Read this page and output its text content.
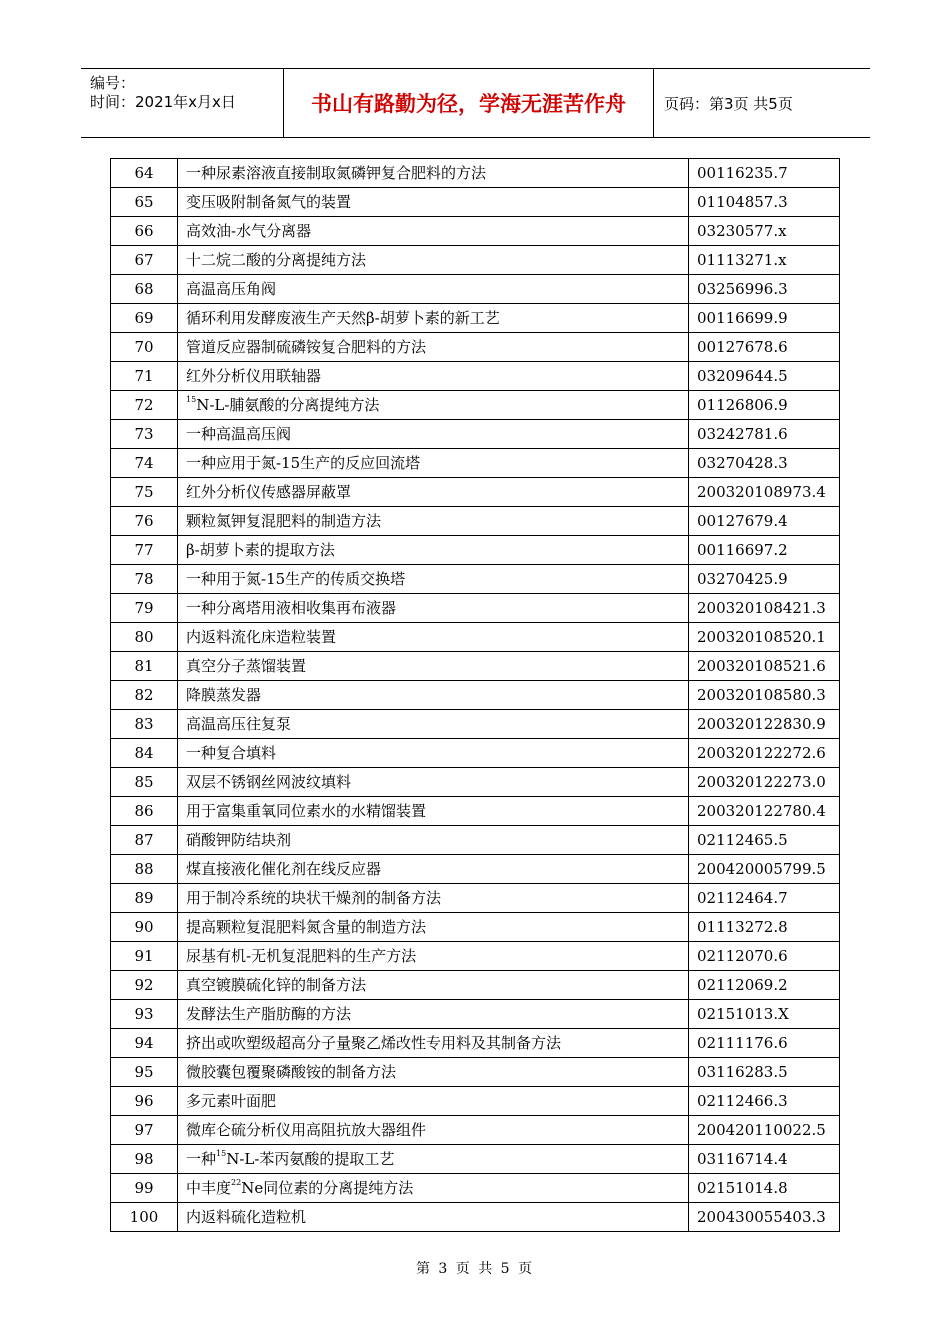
编号：
时间：2021年x月x日	书山有路勤为径，学海无涯苦作舟	页码：第3页 共5页
64	一种尿素溶液直接制取氮磷钾复合肥料的方法	00116235.7
65	变压吸附制备氮气的装置	01104857.3
66	高效油-水气分离器	03230577.x
67	十二烷二酸的分离提纯方法	01113271.x
68	高温高压角阀	03256996.3
69	循环利用发酵废液生产天然β-胡萝卜素的新工艺	00116699.9
70	管道反应器制硫磷铵复合肥料的方法	00127678.6
71	红外分析仪用联轴器	03209644.5
72	$^{15}$N-L-脯氨酸的分离提纯方法	01126806.9
73	一种高温高压阀	03242781.6
74	一种应用于氮-15生产的反应回流塔	03270428.3
75	红外分析仪传感器屏蔽罩	200320108973.4
76	颗粒氮钾复混肥料的制造方法	00127679.4
77	β-胡萝卜素的提取方法	00116697.2
78	一种用于氮-15生产的传质交换塔	03270425.9
79	一种分离塔用液相收集再布液器	200320108421.3
80	内返料流化床造粒装置	200320108520.1
81	真空分子蒸馏装置	200320108521.6
82	降膜蒸发器	200320108580.3
83	高温高压往复泵	200320122830.9
84	一种复合填料	200320122272.6
85	双层不锈钢丝网波纹填料	200320122273.0
86	用于富集重氧同位素水的水精馏装置	200320122780.4
87	硝酸钾防结块剂	02112465.5
88	煤直接液化催化剂在线反应器	200420005799.5
89	用于制冷系统的块状干燥剂的制备方法	02112464.7
90	提高颗粒复混肥料氮含量的制造方法	01113272.8
91	尿基有机-无机复混肥料的生产方法	02112070.6
92	真空镀膜硫化锌的制备方法	02112069.2
93	发酵法生产脂肪酶的方法	02151013.X
94	挤出或吹塑级超高分子量聚乙烯改性专用料及其制备方法	02111176.6
95	微胶囊包覆聚磷酸铵的制备方法	03116283.5
96	多元素叶面肥	02112466.3
97	微库仑硫分析仪用高阻抗放大器组件	200420110022.5
98	一种$^{15}$N-L-苯丙氨酸的提取工艺	03116714.4
99	中丰度$^{22}$Ne同位素的分离提纯方法	02151014.8
100	内返料硫化造粒机	200430055403.3
第 3 页 共 5 页
